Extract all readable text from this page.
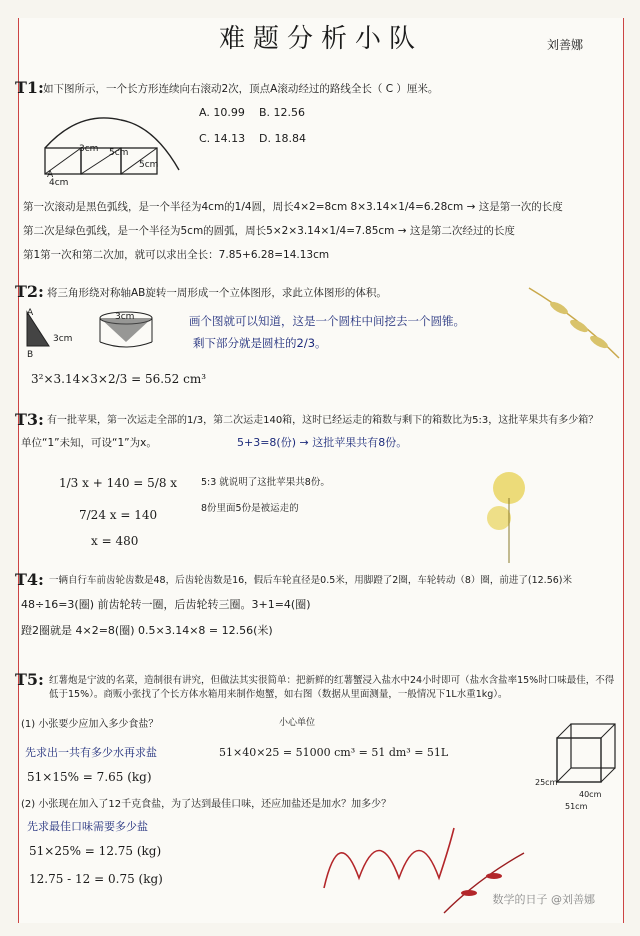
难题分析小队	刘善娜
T1: 如下图所示，一个长方形连续向右滚动2次，顶点A滚动经过的路线全长（ C ）厘米。
A. 10.99 B. 12.56
C. 14.13 D. 18.84
A
4cm
3cm 5cm
5cm
第一次滚动是黑色弧线，是一个半径为4cm的1/4圆，周长4×2=8cm 8×3.14×1/4=6.28cm → 这是第一次的长度
第二次是绿色弧线，是一个半径为5cm的圆弧，周长5×2×3.14×1/4=7.85cm → 这是第二次经过的长度
第1第一次和第二次加，就可以求出全长：7.85+6.28=14.13cm
T2: 将三角形绕对称轴AB旋转一周形成一个立体图形，求此立体图形的体积。
A
B
3cm
3cm	画个图就可以知道，这是一个圆柱中间挖去一个圆锥。
剩下部分就是圆柱的2/3。
3²×3.14×3×2/3 = 56.52 cm³
T3: 有一批苹果，第一次运走全部的1/3，第二次运走140箱，这时已经运走的箱数与剩下的箱数比为5:3，这批苹果共有多少箱？
单位“1”未知，可设“1”为x。	5+3=8(份) → 这批苹果共有8份。
1/3 x + 140 = 5/8 x
7/24 x = 140
x = 480
5:3 就说明了这批苹果共8份。
8份里面5份是被运走的
T4: 一辆自行车前齿轮齿数是48，后齿轮齿数是16，假后车轮直径是0.5米，用脚蹬了2圈，车轮转动（8）圈，前进了(12.56)米
48÷16=3(圈) 前齿轮转一圈，后齿轮转三圈。3+1=4(圈)
蹬2圈就是 4×2=8(圈) 0.5×3.14×8 = 12.56(米)
T5: 红薯炮是宁波的名菜，造制很有讲究，但做法其实很简单：把新鲜的红薯蟹浸入盐水中24小时即可（盐水含盐率15%时口味最佳，不得低于15%）。商贩小张找了个长方体水箱用来制作炮蟹，如右图（数据从里面测量，一般情况下1L水重1kg）。
(1) 小张要少应加入多少食盐？	小心单位
先求出一共有多少水再求盐	51×40×25 = 51000 cm³ = 51 dm³ = 51L
51×15% = 7.65 (kg)
(2) 小张现在加入了12千克食盐，为了达到最佳口味，还应加盐还是加水？加多少？
先求最佳口味需要多少盐
51×25% = 12.75 (kg)
12.75 - 12 = 0.75 (kg)
25cm
40cm
51cm
数学的日子 @刘善娜
